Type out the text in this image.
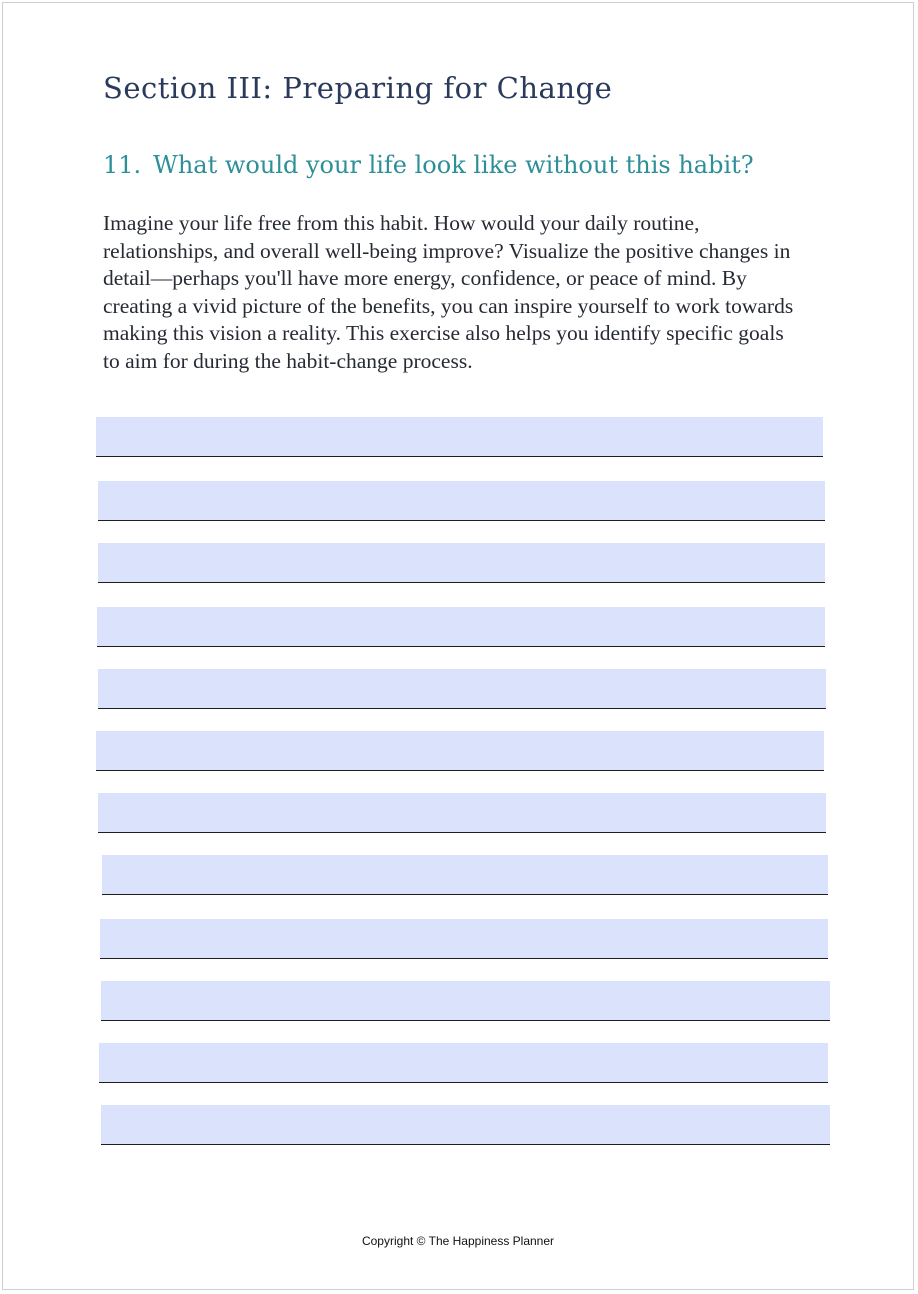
Section III: Preparing for Change
11. What would your life look like without this habit?

Imagine your life free from this habit. How would your daily routine, relationships, and overall well-being improve? Visualize the positive changes in detail—perhaps you'll have more energy, confidence, or peace of mind. By creating a vivid picture of the benefits, you can inspire yourself to work towards making this vision a reality. This exercise also helps you identify specific goals to aim for during the habit-change process.

Copyright © The Happiness Planner
